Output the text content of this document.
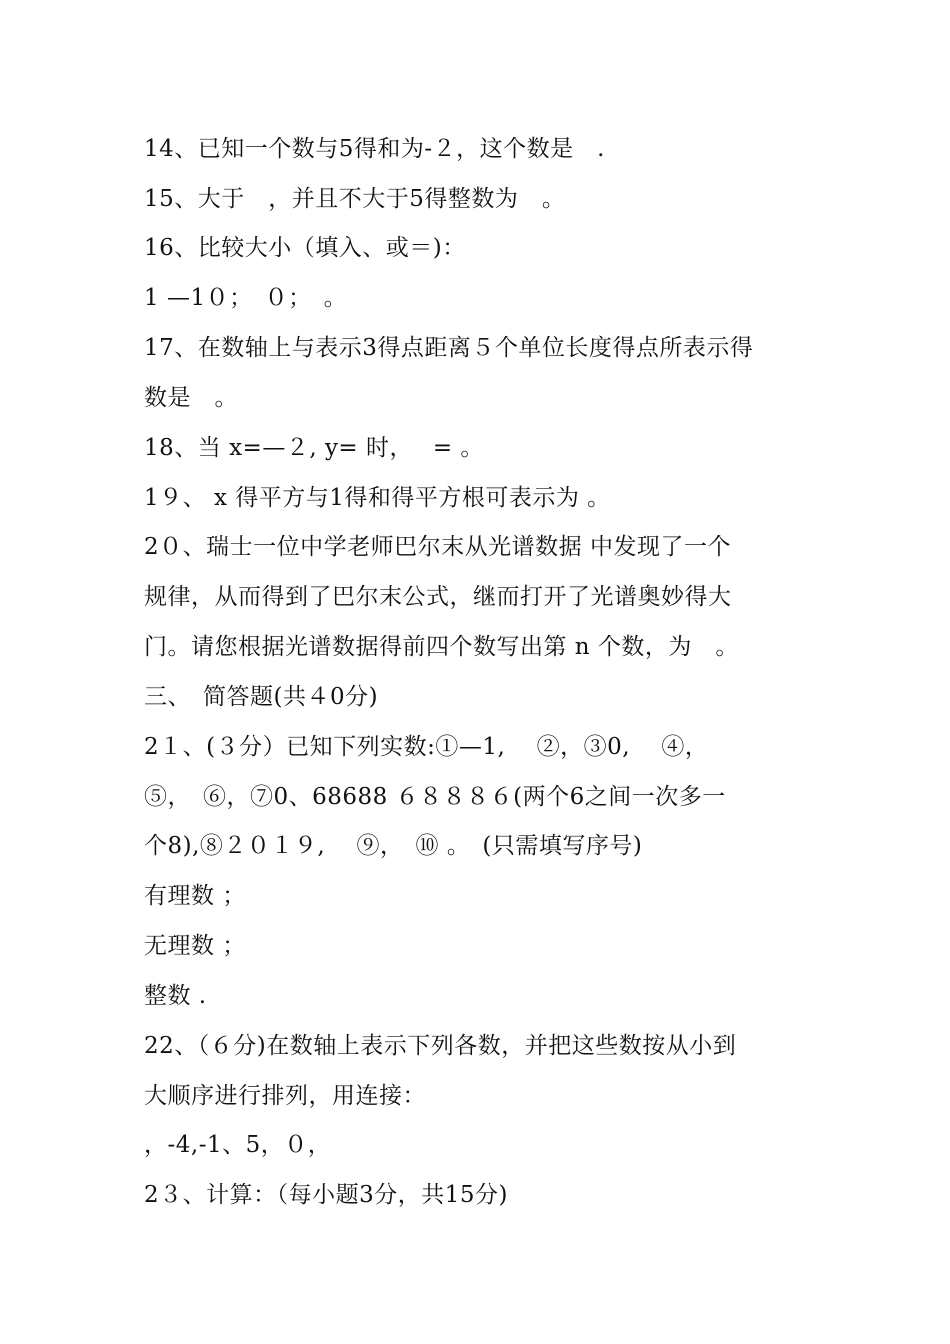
14、已知一个数与5得和为-２，这个数是　.
15、大于　，并且不大于5得整数为　。
16、比较大小（填入、或＝)：
1 —1０；　０；　。
17、在数轴上与表示3得点距离５个单位长度得点所表示得
数是　。
18、当 x=—２, y= 时，　 = 。
1９、 x 得平方与1得和得平方根可表示为 。
2０、瑞士一位中学老师巴尔末从光谱数据 中发现了一个
规律，从而得到了巴尔末公式，继而打开了光谱奥妙得大
门。请您根据光谱数据得前四个数写出第 n 个数，为　。
三、　简答题(共４0分)
2１、(３分）已知下列实数:①—1,　 ②，③0,　 ④，
⑤，　⑥，⑦0、68688 ６８８８６(两个6之间一次多一
个8),⑧２０１９,　 ⑨，　⑩ 。　(只需填写序号)
有理数 ；
无理数 ；
整数 .
22、（６分)在数轴上表示下列各数，并把这些数按从小到
大顺序进行排列，用连接：
，-4,-1、5，０，
2３、计算：（每小题3分，共15分)
